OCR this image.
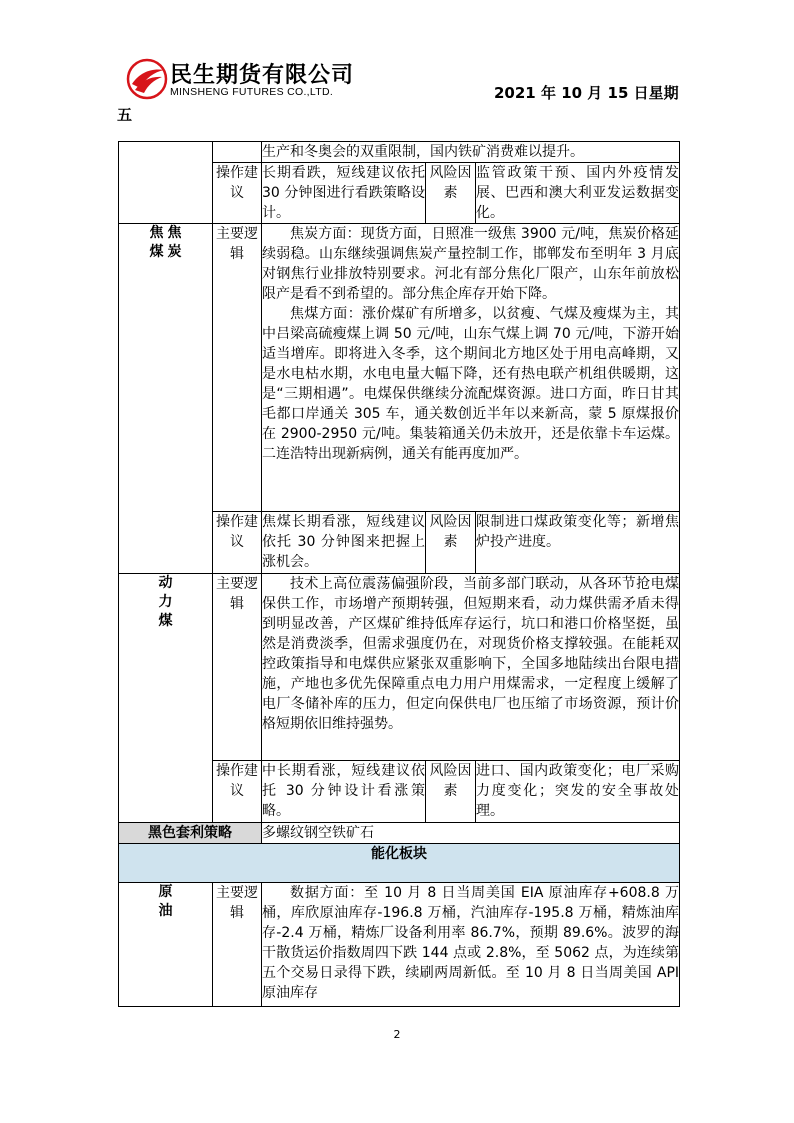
民生期货有限公司
MINSHENG FUTURES CO.,LTD.	2021 年 10 月 15 日星期
五
		生产和冬奥会的双重限制，国内铁矿消费难以提升。		
	操作建议	长期看跌，短线建议依托 30 分钟图进行看跌策略设计。	风险因素	监管政策干预、国内外疫情发展、巴西和澳大利亚发运数据变化。
焦煤焦炭	主要逻辑	焦炭方面：现货方面，日照准一级焦 3900 元/吨，焦炭价格延续弱稳。山东继续强调焦炭产量控制工作，邯郸发布至明年 3 月底对钢焦行业排放特别要求。河北有部分焦化厂限产，山东年前放松限产是看不到希望的。部分焦企库存开始下降。

焦煤方面：涨价煤矿有所增多，以贫瘦、气煤及瘦煤为主，其中吕梁高硫瘦煤上调 50 元/吨，山东气煤上调 70 元/吨，下游开始适当增库。即将进入冬季，这个期间北方地区处于用电高峰期，又是水电枯水期，水电电量大幅下降，还有热电联产机组供暖期，这是“三期相遇”。电煤保供继续分流配煤资源。进口方面，昨日甘其毛都口岸通关 305 车，通关数创近半年以来新高，蒙 5 原煤报价在 2900-2950 元/吨。集装箱通关仍未放开，还是依靠卡车运煤。二连浩特出现新病例，通关有能再度加严。		

	操作建议	焦煤长期看涨，短线建议依托 30 分钟图来把握上涨机会。	风险因素	限制进口煤政策变化等；新增焦炉投产进度。
动力煤	主要逻辑	技术上高位震荡偏强阶段，当前多部门联动，从各环节抢电煤保供工作，市场增产预期转强，但短期来看，动力煤供需矛盾未得到明显改善，产区煤矿维持低库存运行，坑口和港口价格坚挺，虽然是消费淡季，但需求强度仍在，对现货价格支撑较强。在能耗双控政策指导和电煤供应紧张双重影响下，全国多地陆续出台限电措施，产地也多优先保障重点电力用户用煤需求，一定程度上缓解了电厂冬储补库的压力，但定向保供电厂也压缩了市场资源，预计价格短期依旧维持强势。		

	操作建议	中长期看涨，短线建议依托 30 分钟设计看涨策略。	风险因素	进口、国内政策变化；电厂采购力度变化；突发的安全事故处理。
黑色套利策略		多螺纹钢空铁矿石		
能化板块				
原油	主要逻辑	数据方面：至 10 月 8 日当周美国 EIA 原油库存+608.8 万桶，库欣原油库存-196.8 万桶，汽油库存-195.8 万桶，精炼油库存-2.4 万桶，精炼厂设备利用率 86.7%，预期 89.6%。波罗的海干散货运价指数周四下跌 144 点或 2.8%，至 5062 点，为连续第五个交易日录得下跌，续刷两周新低。至 10 月 8 日当周美国 API 原油库存		

2
